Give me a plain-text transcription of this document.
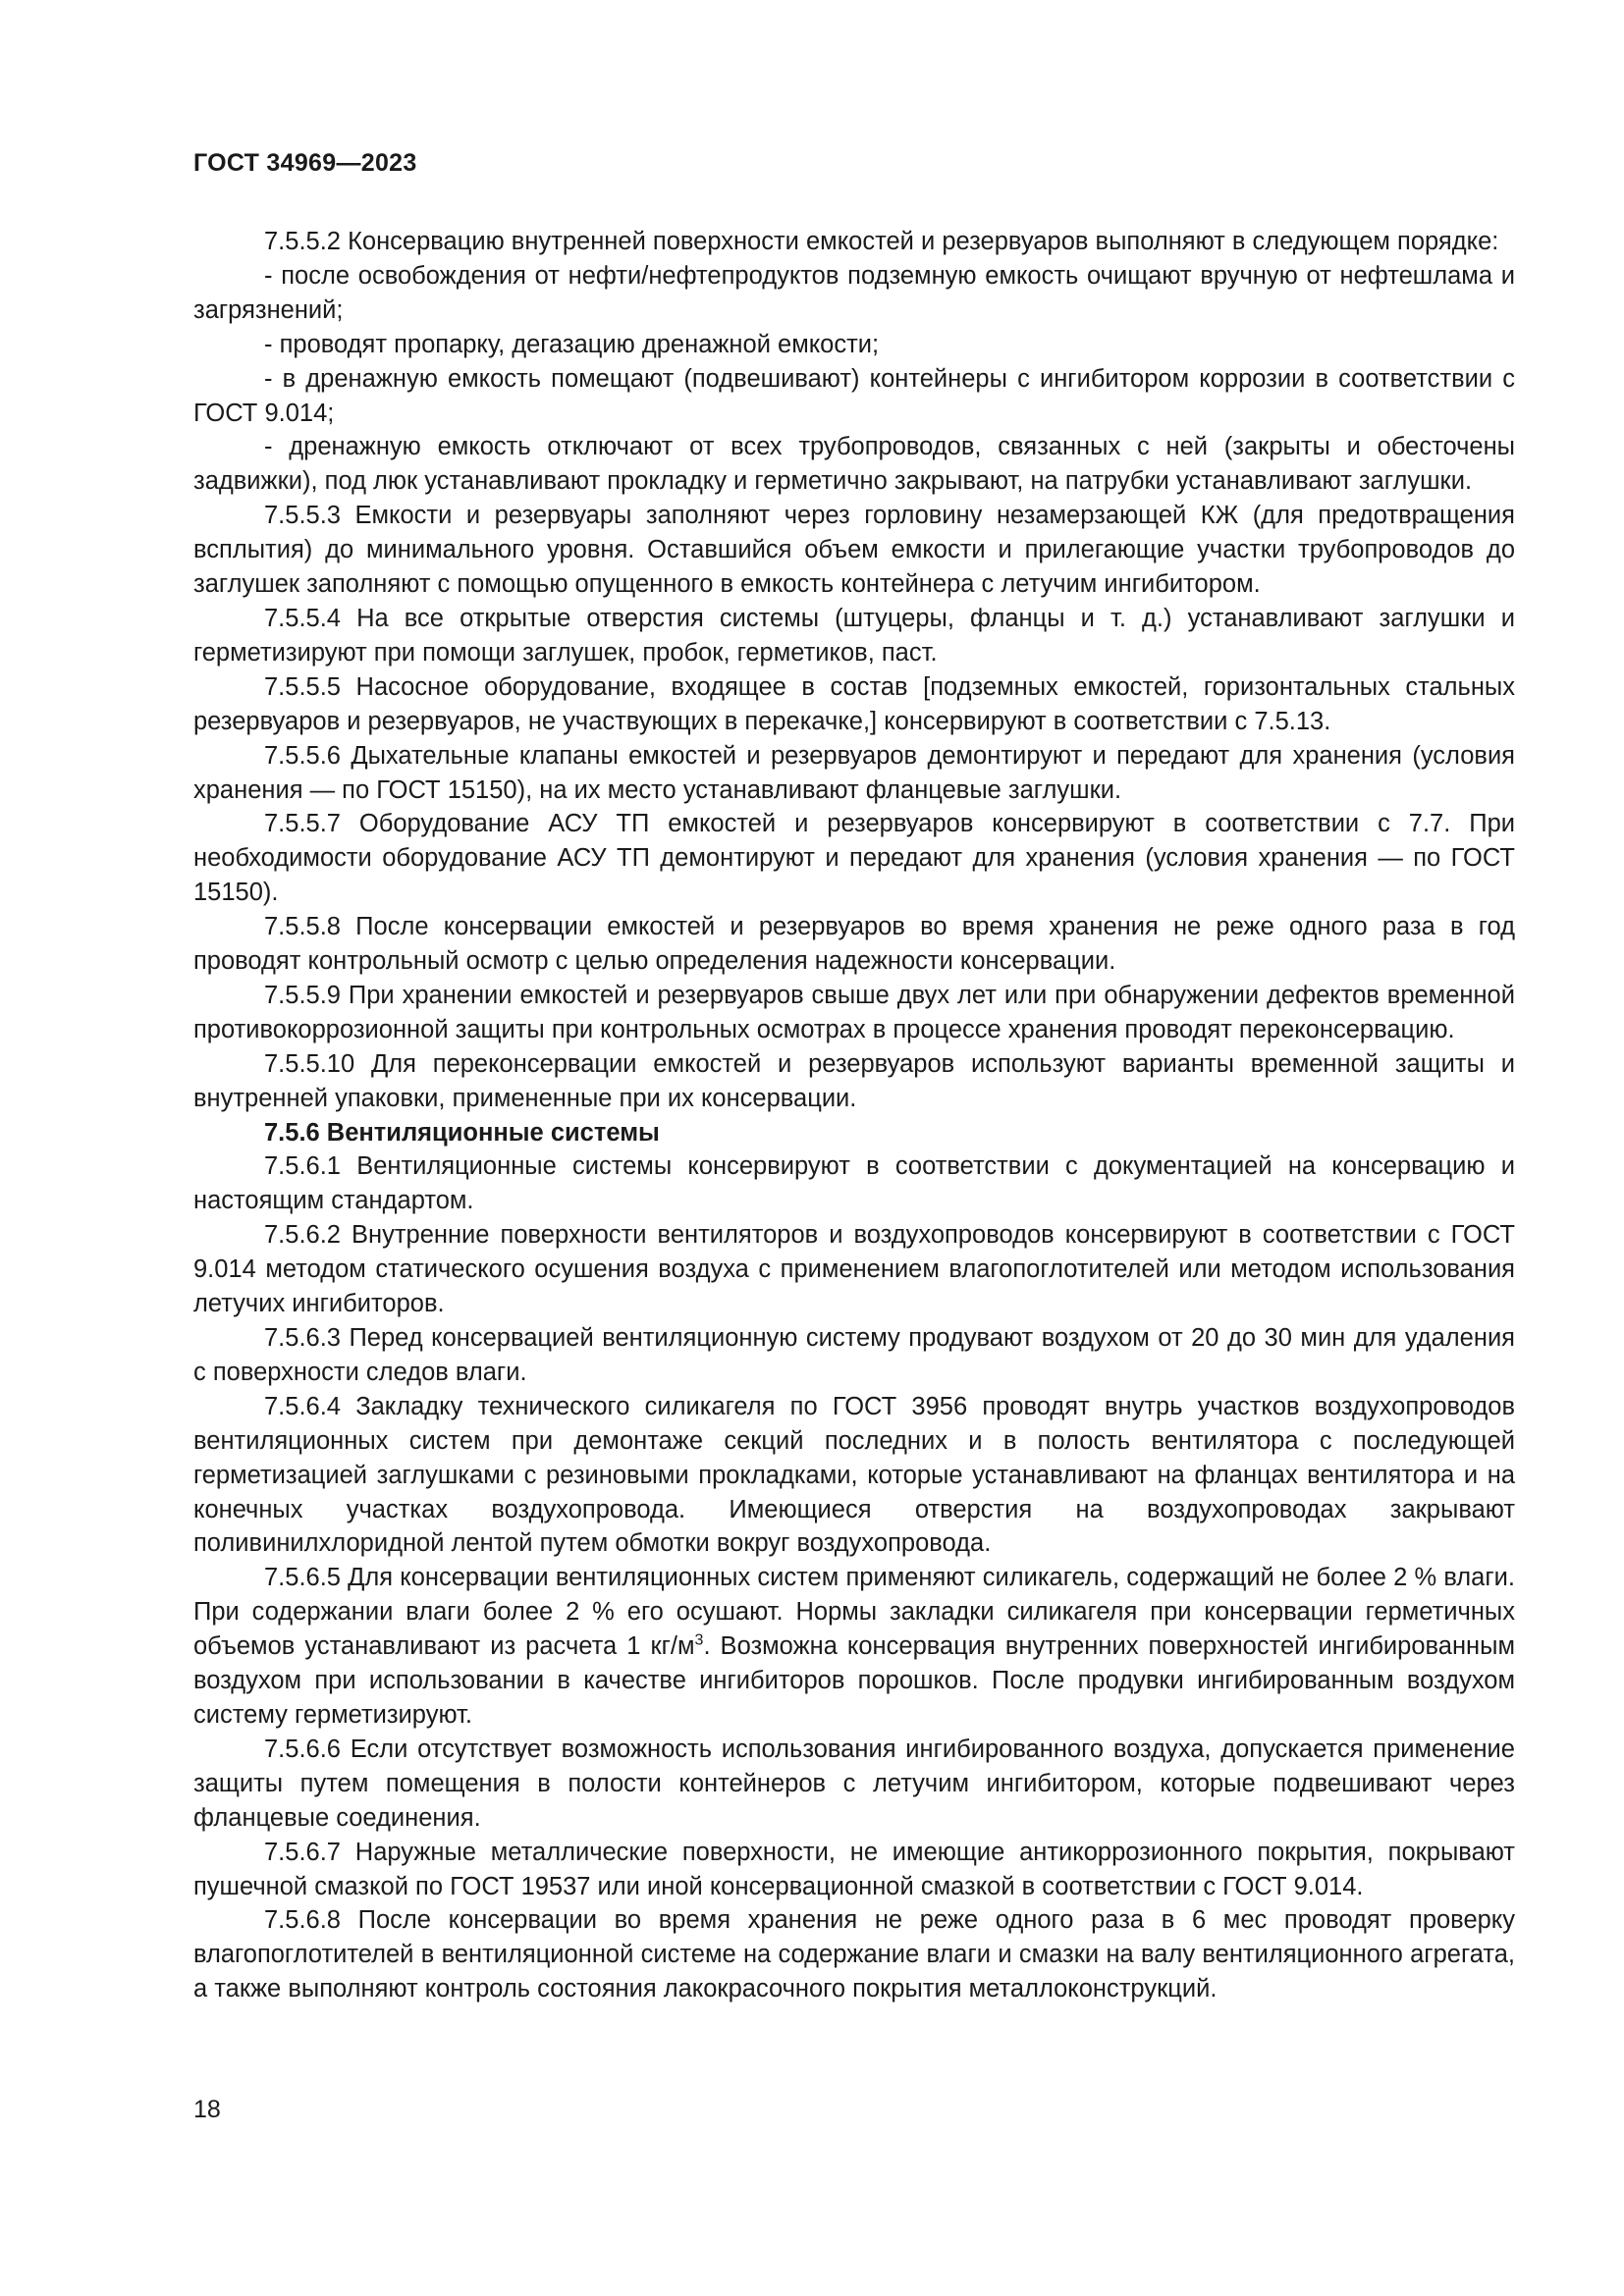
ГОСТ 34969—2023

7.5.5.2 Консервацию внутренней поверхности емкостей и резервуаров выполняют в следующем порядке:

- после освобождения от нефти/нефтепродуктов подземную емкость очищают вручную от нефтешлама и загрязнений;

- проводят пропарку, дегазацию дренажной емкости;

- в дренажную емкость помещают (подвешивают) контейнеры с ингибитором коррозии в соответствии с ГОСТ 9.014;

- дренажную емкость отключают от всех трубопроводов, связанных с ней (закрыты и обесточены задвижки), под люк устанавливают прокладку и герметично закрывают, на патрубки устанавливают заглушки.

7.5.5.3 Емкости и резервуары заполняют через горловину незамерзающей КЖ (для предотвращения всплытия) до минимального уровня. Оставшийся объем емкости и прилегающие участки трубопроводов до заглушек заполняют с помощью опущенного в емкость контейнера с летучим ингибитором.

7.5.5.4 На все открытые отверстия системы (штуцеры, фланцы и т. д.) устанавливают заглушки и герметизируют при помощи заглушек, пробок, герметиков, паст.

7.5.5.5 Насосное оборудование, входящее в состав [подземных емкостей, горизонтальных стальных резервуаров и резервуаров, не участвующих в перекачке,] консервируют в соответствии с 7.5.13.

7.5.5.6 Дыхательные клапаны емкостей и резервуаров демонтируют и передают для хранения (условия хранения — по ГОСТ 15150), на их место устанавливают фланцевые заглушки.

7.5.5.7 Оборудование АСУ ТП емкостей и резервуаров консервируют в соответствии с 7.7. При необходимости оборудование АСУ ТП демонтируют и передают для хранения (условия хранения — по ГОСТ 15150).

7.5.5.8 После консервации емкостей и резервуаров во время хранения не реже одного раза в год проводят контрольный осмотр с целью определения надежности консервации.

7.5.5.9 При хранении емкостей и резервуаров свыше двух лет или при обнаружении дефектов временной противокоррозионной защиты при контрольных осмотрах в процессе хранения проводят переконсервацию.

7.5.5.10 Для переконсервации емкостей и резервуаров используют варианты временной защиты и внутренней упаковки, примененные при их консервации.

7.5.6 Вентиляционные системы

7.5.6.1 Вентиляционные системы консервируют в соответствии с документацией на консервацию и настоящим стандартом.

7.5.6.2 Внутренние поверхности вентиляторов и воздухопроводов консервируют в соответствии с ГОСТ 9.014 методом статического осушения воздуха с применением влагопоглотителей или методом использования летучих ингибиторов.

7.5.6.3 Перед консервацией вентиляционную систему продувают воздухом от 20 до 30 мин для удаления с поверхности следов влаги.

7.5.6.4 Закладку технического силикагеля по ГОСТ 3956 проводят внутрь участков воздухопроводов вентиляционных систем при демонтаже секций последних и в полость вентилятора с последующей герметизацией заглушками с резиновыми прокладками, которые устанавливают на фланцах вентилятора и на конечных участках воздухопровода. Имеющиеся отверстия на воздухопроводах закрывают поливинилхлоридной лентой путем обмотки вокруг воздухопровода.

7.5.6.5 Для консервации вентиляционных систем применяют силикагель, содержащий не более 2 % влаги. При содержании влаги более 2 % его осушают. Нормы закладки силикагеля при консервации герметичных объемов устанавливают из расчета 1 $кг/м^3$. Возможна консервация внутренних поверхностей ингибированным воздухом при использовании в качестве ингибиторов порошков. После продувки ингибированным воздухом систему герметизируют.

7.5.6.6 Если отсутствует возможность использования ингибированного воздуха, допускается применение защиты путем помещения в полости контейнеров с летучим ингибитором, которые подвешивают через фланцевые соединения.

7.5.6.7 Наружные металлические поверхности, не имеющие антикоррозионного покрытия, покрывают пушечной смазкой по ГОСТ 19537 или иной консервационной смазкой в соответствии с ГОСТ 9.014.

7.5.6.8 После консервации во время хранения не реже одного раза в 6 мес проводят проверку влагопоглотителей в вентиляционной системе на содержание влаги и смазки на валу вентиляционного агрегата, а также выполняют контроль состояния лакокрасочного покрытия металлоконструкций.

18
